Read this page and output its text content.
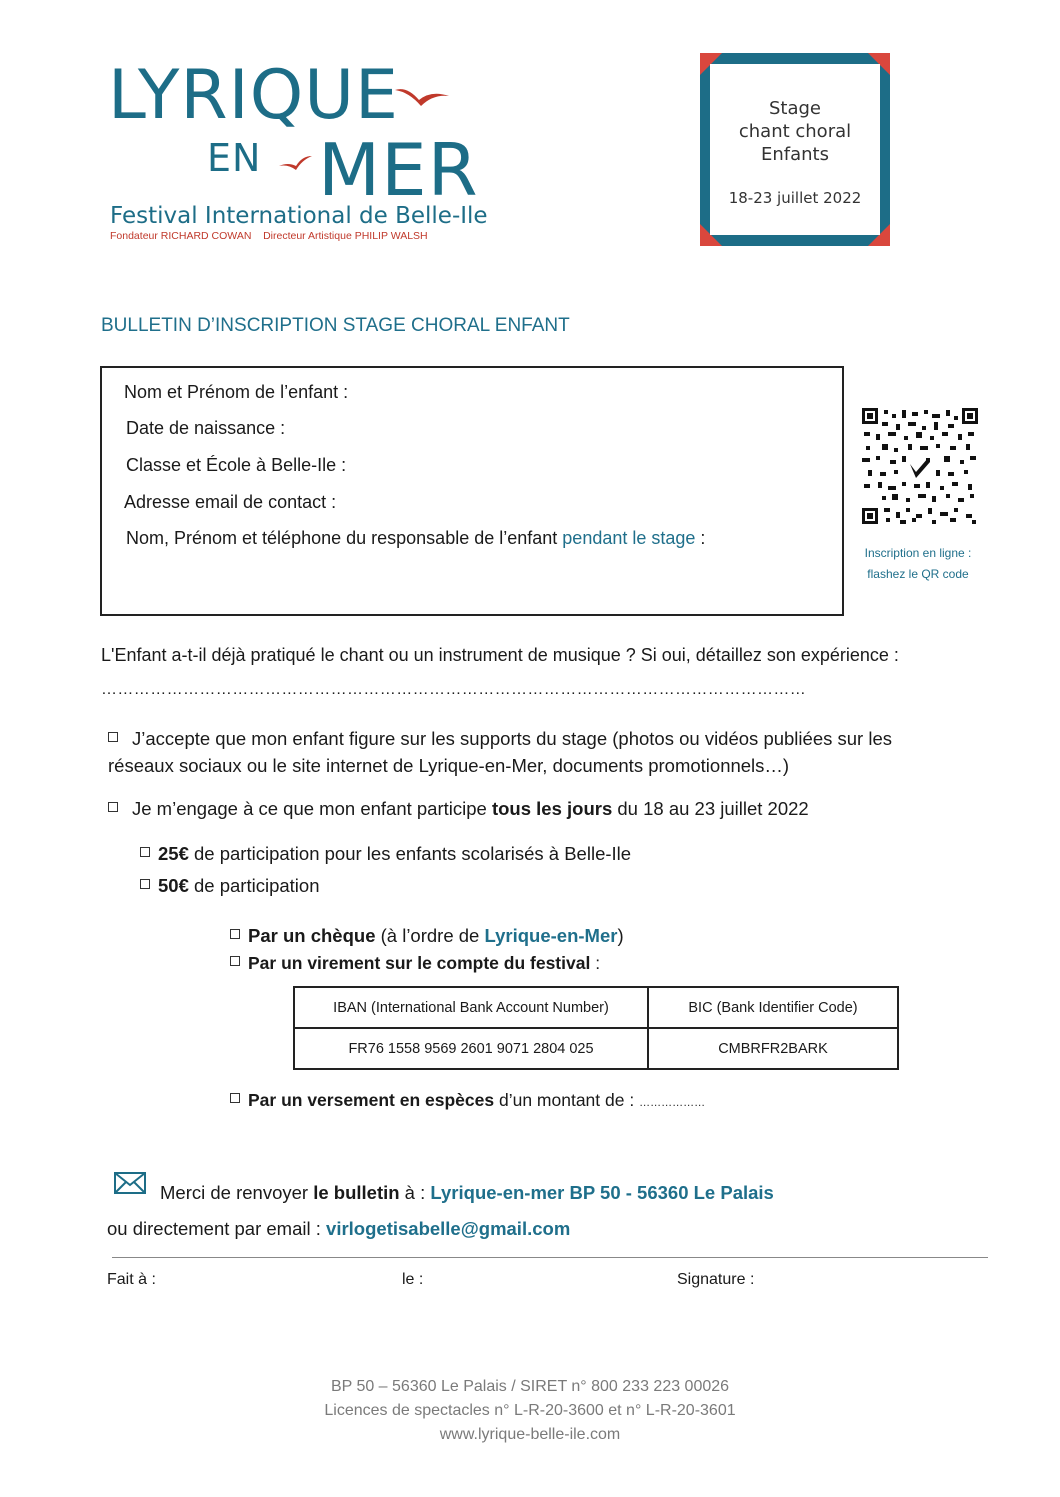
LYRIQUE
EN MER
Festival International de Belle-Ile
Fondateur RICHARD COWAN Directeur Artistique PHILIP WALSH
Stage
chant choral
Enfants
18-23 juillet 2022
BULLETIN D’INSCRIPTION STAGE CHORAL ENFANT
Nom et Prénom de l’enfant :
Date de naissance :
Classe et École à Belle-Ile :
Adresse email de contact :
Nom, Prénom et téléphone du responsable de l’enfant pendant le stage :
Inscription en ligne :
flashez le QR code
L'Enfant a-t-il déjà pratiqué le chant ou un instrument de musique ? Si oui, détaillez son expérience :
…………………………………………………………………………………………………………………
J’accepte que mon enfant figure sur les supports du stage (photos ou vidéos publiées sur les
réseaux sociaux ou le site internet de Lyrique-en-Mer, documents promotionnels…)
Je m’engage à ce que mon enfant participe tous les jours du 18 au 23 juillet 2022
25€ de participation pour les enfants scolarisés à Belle-Ile
50€ de participation
Par un chèque (à l’ordre de Lyrique-en-Mer)
Par un virement sur le compte du festival :
IBAN (International Bank Account Number)	BIC (Bank Identifier Code)
FR76 1558 9569 2601 9071 2804 025	CMBRFR2BARK
Par un versement en espèces d’un montant de : ………………
Merci de renvoyer le bulletin à : Lyrique-en-mer BP 50 - 56360 Le Palais
ou directement par email : virlogetisabelle@gmail.com
Fait à :	le :	Signature :
BP 50 – 56360 Le Palais / SIRET n° 800 233 223 00026
Licences de spectacles n° L-R-20-3600 et n° L-R-20-3601
www.lyrique-belle-ile.com
